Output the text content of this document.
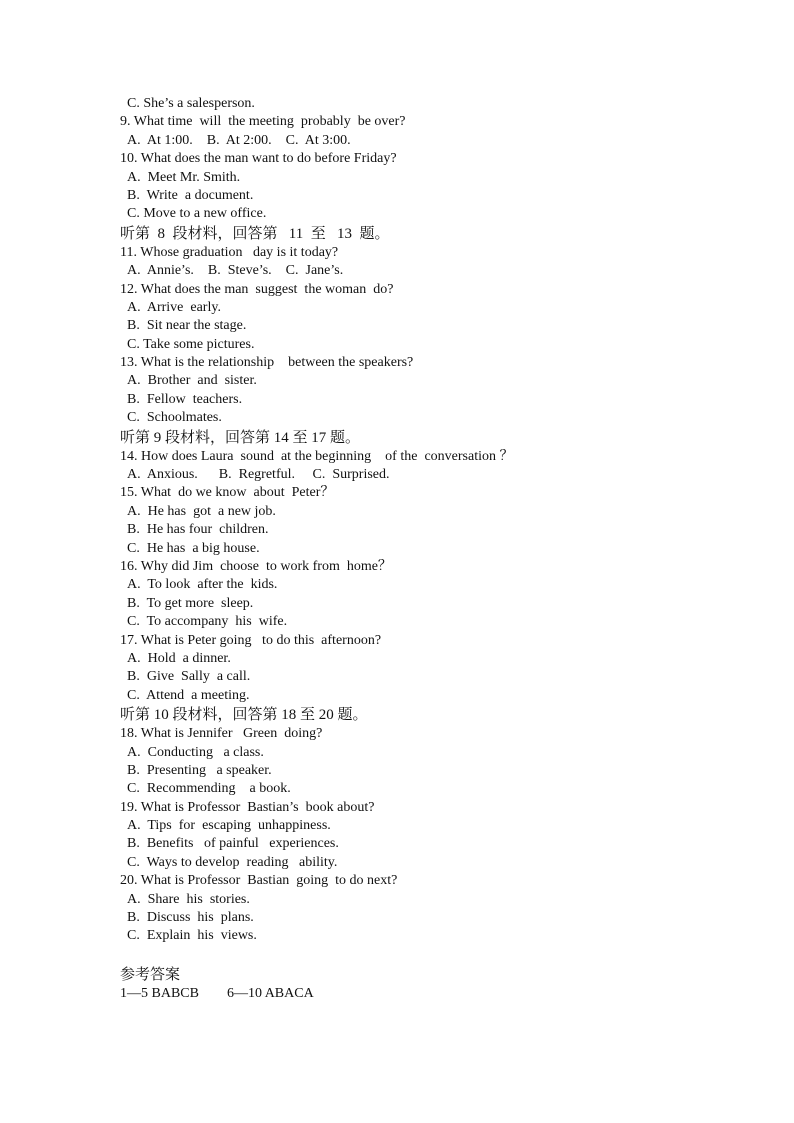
C. She’s a salesperson.
9. What time  will  the meeting  probably  be over?
A.  At 1:00.    B.  At 2:00.    C.  At 3:00.
10. What does the man want to do before Friday?
A.  Meet Mr. Smith.
B.  Write  a document.
C. Move to a new office.
听第  8  段材料，回答第   11  至   13  题。
11. Whose graduation   day is it today?
A.  Annie’s.    B.  Steve’s.    C.  Jane’s.
12. What does the man  suggest  the woman  do?
A.  Arrive  early.
B.  Sit near the stage.
C. Take some pictures.
13. What is the relationship    between the speakers?
A.  Brother  and  sister.
B.  Fellow  teachers.
C.  Schoolmates.
听第 9 段材料，回答第 14 至 17 题。
14. How does Laura  sound  at the beginning    of the  conversation ？
A.  Anxious.      B.  Regretful.     C.  Surprised.
15. What  do we know  about  Peter？
A.  He has  got  a new job.
B.  He has four  children.
C.  He has  a big house.
16. Why did Jim  choose  to work from  home？
A.  To look  after the  kids.
B.  To get more  sleep.
C.  To accompany  his  wife.
17. What is Peter going   to do this  afternoon?
A.  Hold  a dinner.
B.  Give  Sally  a call.
C.  Attend  a meeting.
听第 10 段材料，回答第 18 至 20 题。
18. What is Jennifer   Green  doing?
A.  Conducting   a class.
B.  Presenting   a speaker.
C.  Recommending    a book.
19. What is Professor  Bastian’s  book about?
A.  Tips  for  escaping  unhappiness.
B.  Benefits   of painful   experiences.
C.  Ways to develop  reading   ability.
20. What is Professor  Bastian  going  to do next?
A.  Share  his  stories.
B.  Discuss  his  plans.
C.  Explain  his  views.
参考答案
1—5 BABCB        6—10 ABACA
